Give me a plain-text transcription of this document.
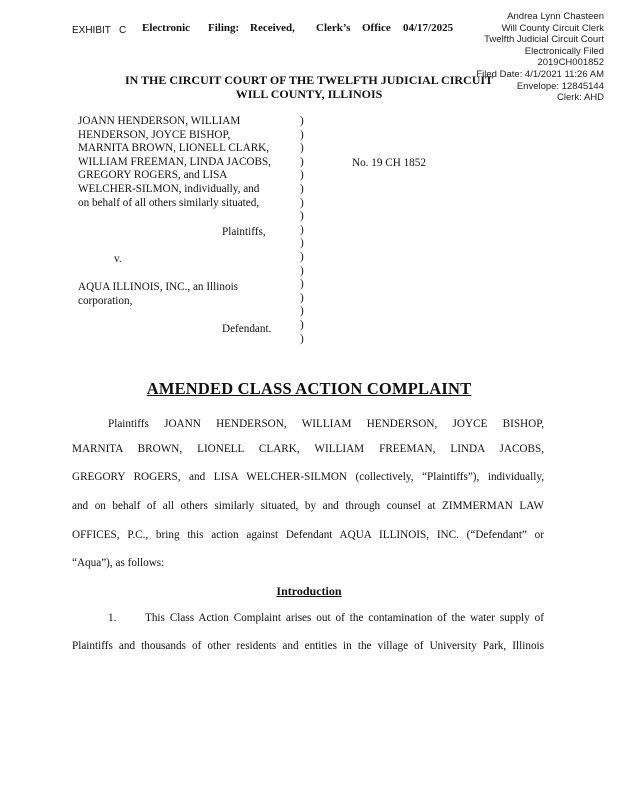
EXHIBIT C Electronic Filing: Received, Clerk’s Office 04/17/2025
Andrea Lynn Chasteen
Will County Circuit Clerk
Twelfth Judicial Circuit Court
Electronically Filed
2019CH001852
Filed Date: 4/1/2021 11:26 AM
Envelope: 12845144
Clerk: AHD
IN THE CIRCUIT COURT OF THE TWELFTH JUDICIAL CIRCUIT
WILL COUNTY, ILLINOIS
JOANN HENDERSON, WILLIAM
HENDERSON, JOYCE BISHOP,
MARNITA BROWN, LIONELL CLARK,
WILLIAM FREEMAN, LINDA JACOBS,
GREGORY ROGERS, and LISA
WELCHER-SILMON, individually, and
on behalf of all others similarly situated,
Plaintiffs,
v.
AQUA ILLINOIS, INC., an Illinois
corporation,
Defendant.
)
)
)
)
)
)
)
)
)
)
)
)
)
)
)
)
)
No. 19 CH 1852
AMENDED CLASS ACTION COMPLAINT
Plaintiffs JOANN HENDERSON, WILLIAM HENDERSON, JOYCE BISHOP,
MARNITA BROWN, LIONELL CLARK, WILLIAM FREEMAN, LINDA JACOBS,
GREGORY ROGERS, and LISA WELCHER-SILMON (collectively, “Plaintiffs”), individually,
and on behalf of all others similarly situated, by and through counsel at ZIMMERMAN LAW
OFFICES, P.C., bring this action against Defendant AQUA ILLINOIS, INC. (“Defendant” or
“Aqua”), as follows:
Introduction
1.	This Class Action Complaint arises out of the contamination of the water supply of
Plaintiffs and thousands of other residents and entities in the village of University Park, Illinois
